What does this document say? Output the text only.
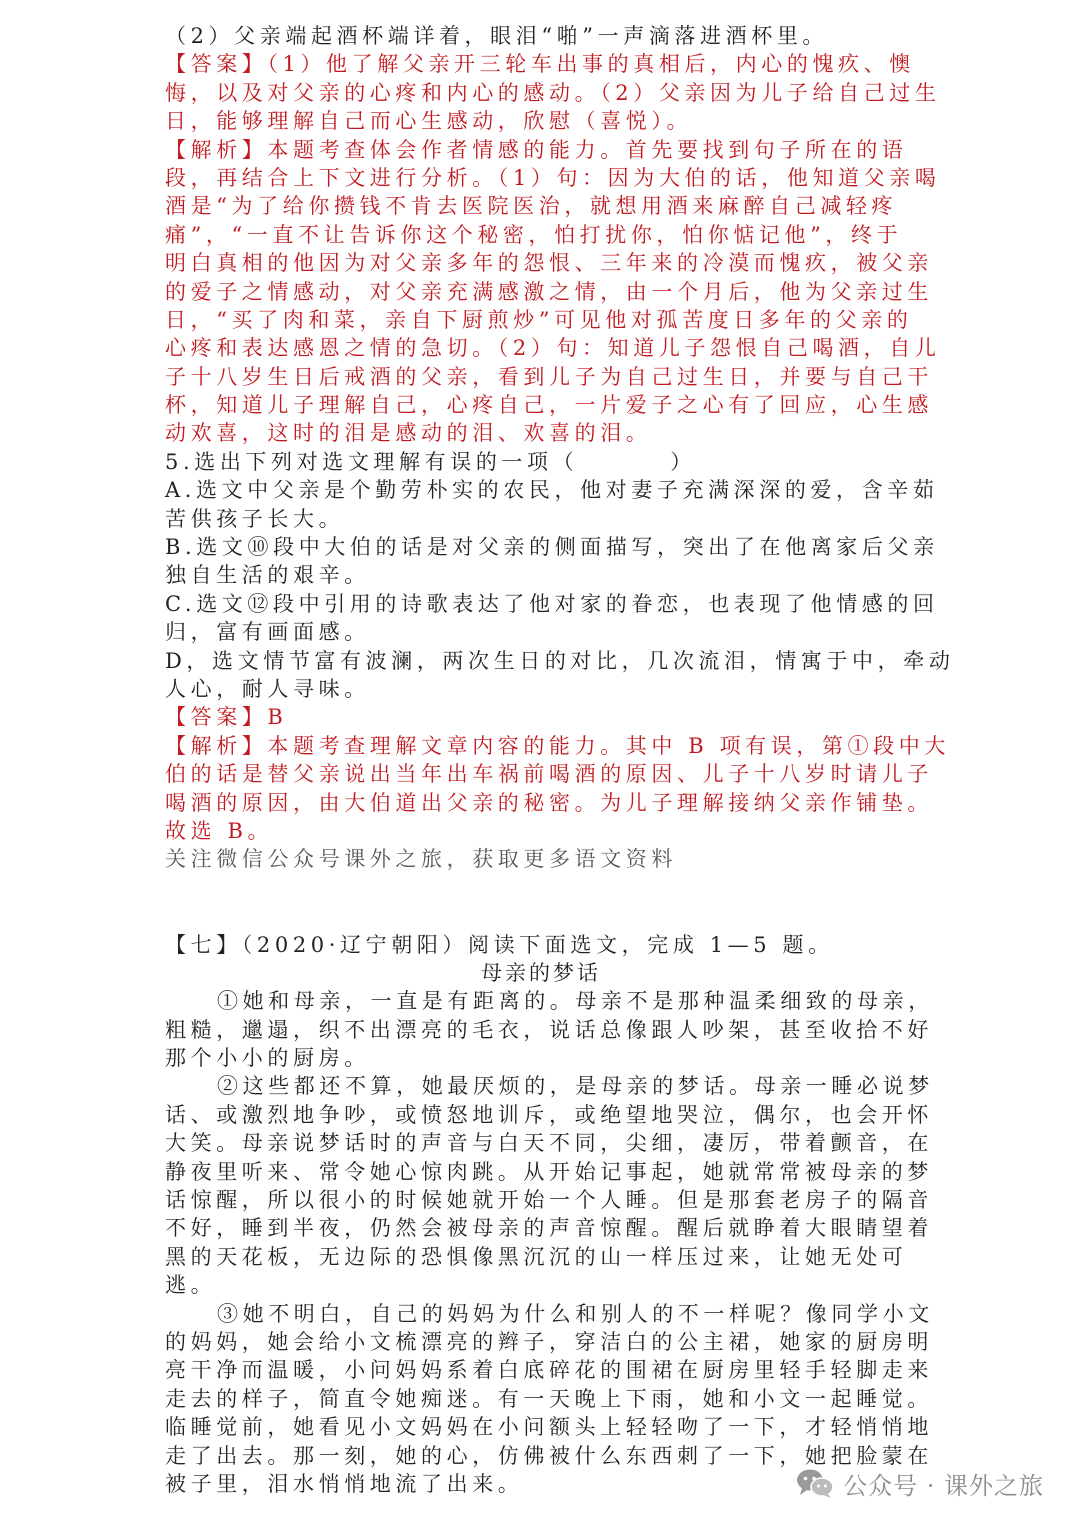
（2）父亲端起酒杯端详着，眼泪“啪”一声滴落进酒杯里。
【答案】（1）他了解父亲开三轮车出事的真相后，内心的愧疚、懊
悔，以及对父亲的心疼和内心的感动。（2）父亲因为儿子给自己过生
日，能够理解自己而心生感动，欣慰（喜悦）。
【解析】本题考查体会作者情感的能力。首先要找到句子所在的语
段，再结合上下文进行分析。（1）句：因为大伯的话，他知道父亲喝
酒是“为了给你攒钱不肯去医院医治，就想用酒来麻醉自己减轻疼
痛”，“一直不让告诉你这个秘密，怕打扰你，怕你惦记他”，终于
明白真相的他因为对父亲多年的怨恨、三年来的冷漠而愧疚，被父亲
的爱子之情感动，对父亲充满感激之情，由一个月后，他为父亲过生
日，“买了肉和菜，亲自下厨煎炒”可见他对孤苦度日多年的父亲的
心疼和表达感恩之情的急切。（2）句：知道儿子怨恨自己喝酒，自儿
子十八岁生日后戒酒的父亲，看到儿子为自己过生日，并要与自己干
杯，知道儿子理解自己，心疼自己，一片爱子之心有了回应，心生感
动欢喜，这时的泪是感动的泪、欢喜的泪。
5.选出下列对选文理解有误的一项（	）
A.选文中父亲是个勤劳朴实的农民，他对妻子充满深深的爱，含辛茹
苦供孩子长大。
B.选文⑩段中大伯的话是对父亲的侧面描写，突出了在他离家后父亲
独自生活的艰辛。
C.选文⑫段中引用的诗歌表达了他对家的眷恋，也表现了他情感的回
归，富有画面感。
D，选文情节富有波澜，两次生日的对比，几次流泪，情寓于中，牵动
人心，耐人寻味。
【答案】B
【解析】本题考查理解文章内容的能力。其中 B 项有误，第①段中大
伯的话是替父亲说出当年出车祸前喝酒的原因、儿子十八岁时请儿子
喝酒的原因，由大伯道出父亲的秘密。为儿子理解接纳父亲作铺垫。
故选 B。
关注微信公众号课外之旅，获取更多语文资料
【七】（2020·辽宁朝阳）阅读下面选文，完成 1—5 题。
母亲的梦话
①她和母亲，一直是有距离的。母亲不是那种温柔细致的母亲，
粗糙，邋遢，织不出漂亮的毛衣，说话总像跟人吵架，甚至收拾不好
那个小小的厨房。
②这些都还不算，她最厌烦的，是母亲的梦话。母亲一睡必说梦
话、或激烈地争吵，或愤怒地训斥，或绝望地哭泣，偶尔，也会开怀
大笑。母亲说梦话时的声音与白天不同，尖细，凄厉，带着颤音，在
静夜里听来、常令她心惊肉跳。从开始记事起，她就常常被母亲的梦
话惊醒，所以很小的时候她就开始一个人睡。但是那套老房子的隔音
不好，睡到半夜，仍然会被母亲的声音惊醒。醒后就睁着大眼睛望着
黑的天花板，无边际的恐惧像黑沉沉的山一样压过来，让她无处可
逃。
③她不明白，自己的妈妈为什么和别人的不一样呢？像同学小文
的妈妈，她会给小文梳漂亮的辫子，穿洁白的公主裙，她家的厨房明
亮干净而温暖，小问妈妈系着白底碎花的围裙在厨房里轻手轻脚走来
走去的样子，简直令她痴迷。有一天晚上下雨，她和小文一起睡觉。
临睡觉前，她看见小文妈妈在小问额头上轻轻吻了一下，才轻悄悄地
走了出去。那一刻，她的心，仿佛被什么东西刺了一下，她把脸蒙在
被子里，泪水悄悄地流了出来。	公众号 · 课外之旅
